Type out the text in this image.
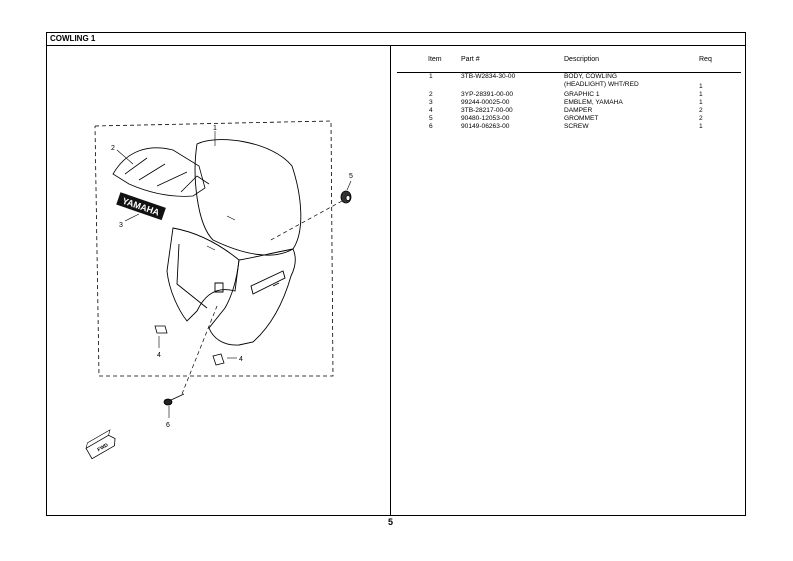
COWLING 1
YAMAHA
1
2
3
4
4
5
6
FWD
Item	Part #	Description	Req
1	3TB-W2834-30-00	BODY, COWLING
(HEADLIGHT) WHT/RED	1
2	3YP-28391-00-00	GRAPHIC 1	1
3	99244-00025-00	EMBLEM, YAMAHA	1
4	3TB-28217-00-00	DAMPER	2
5	90480-12053-00	GROMMET	2
6	90149-06263-00	SCREW	1
5
